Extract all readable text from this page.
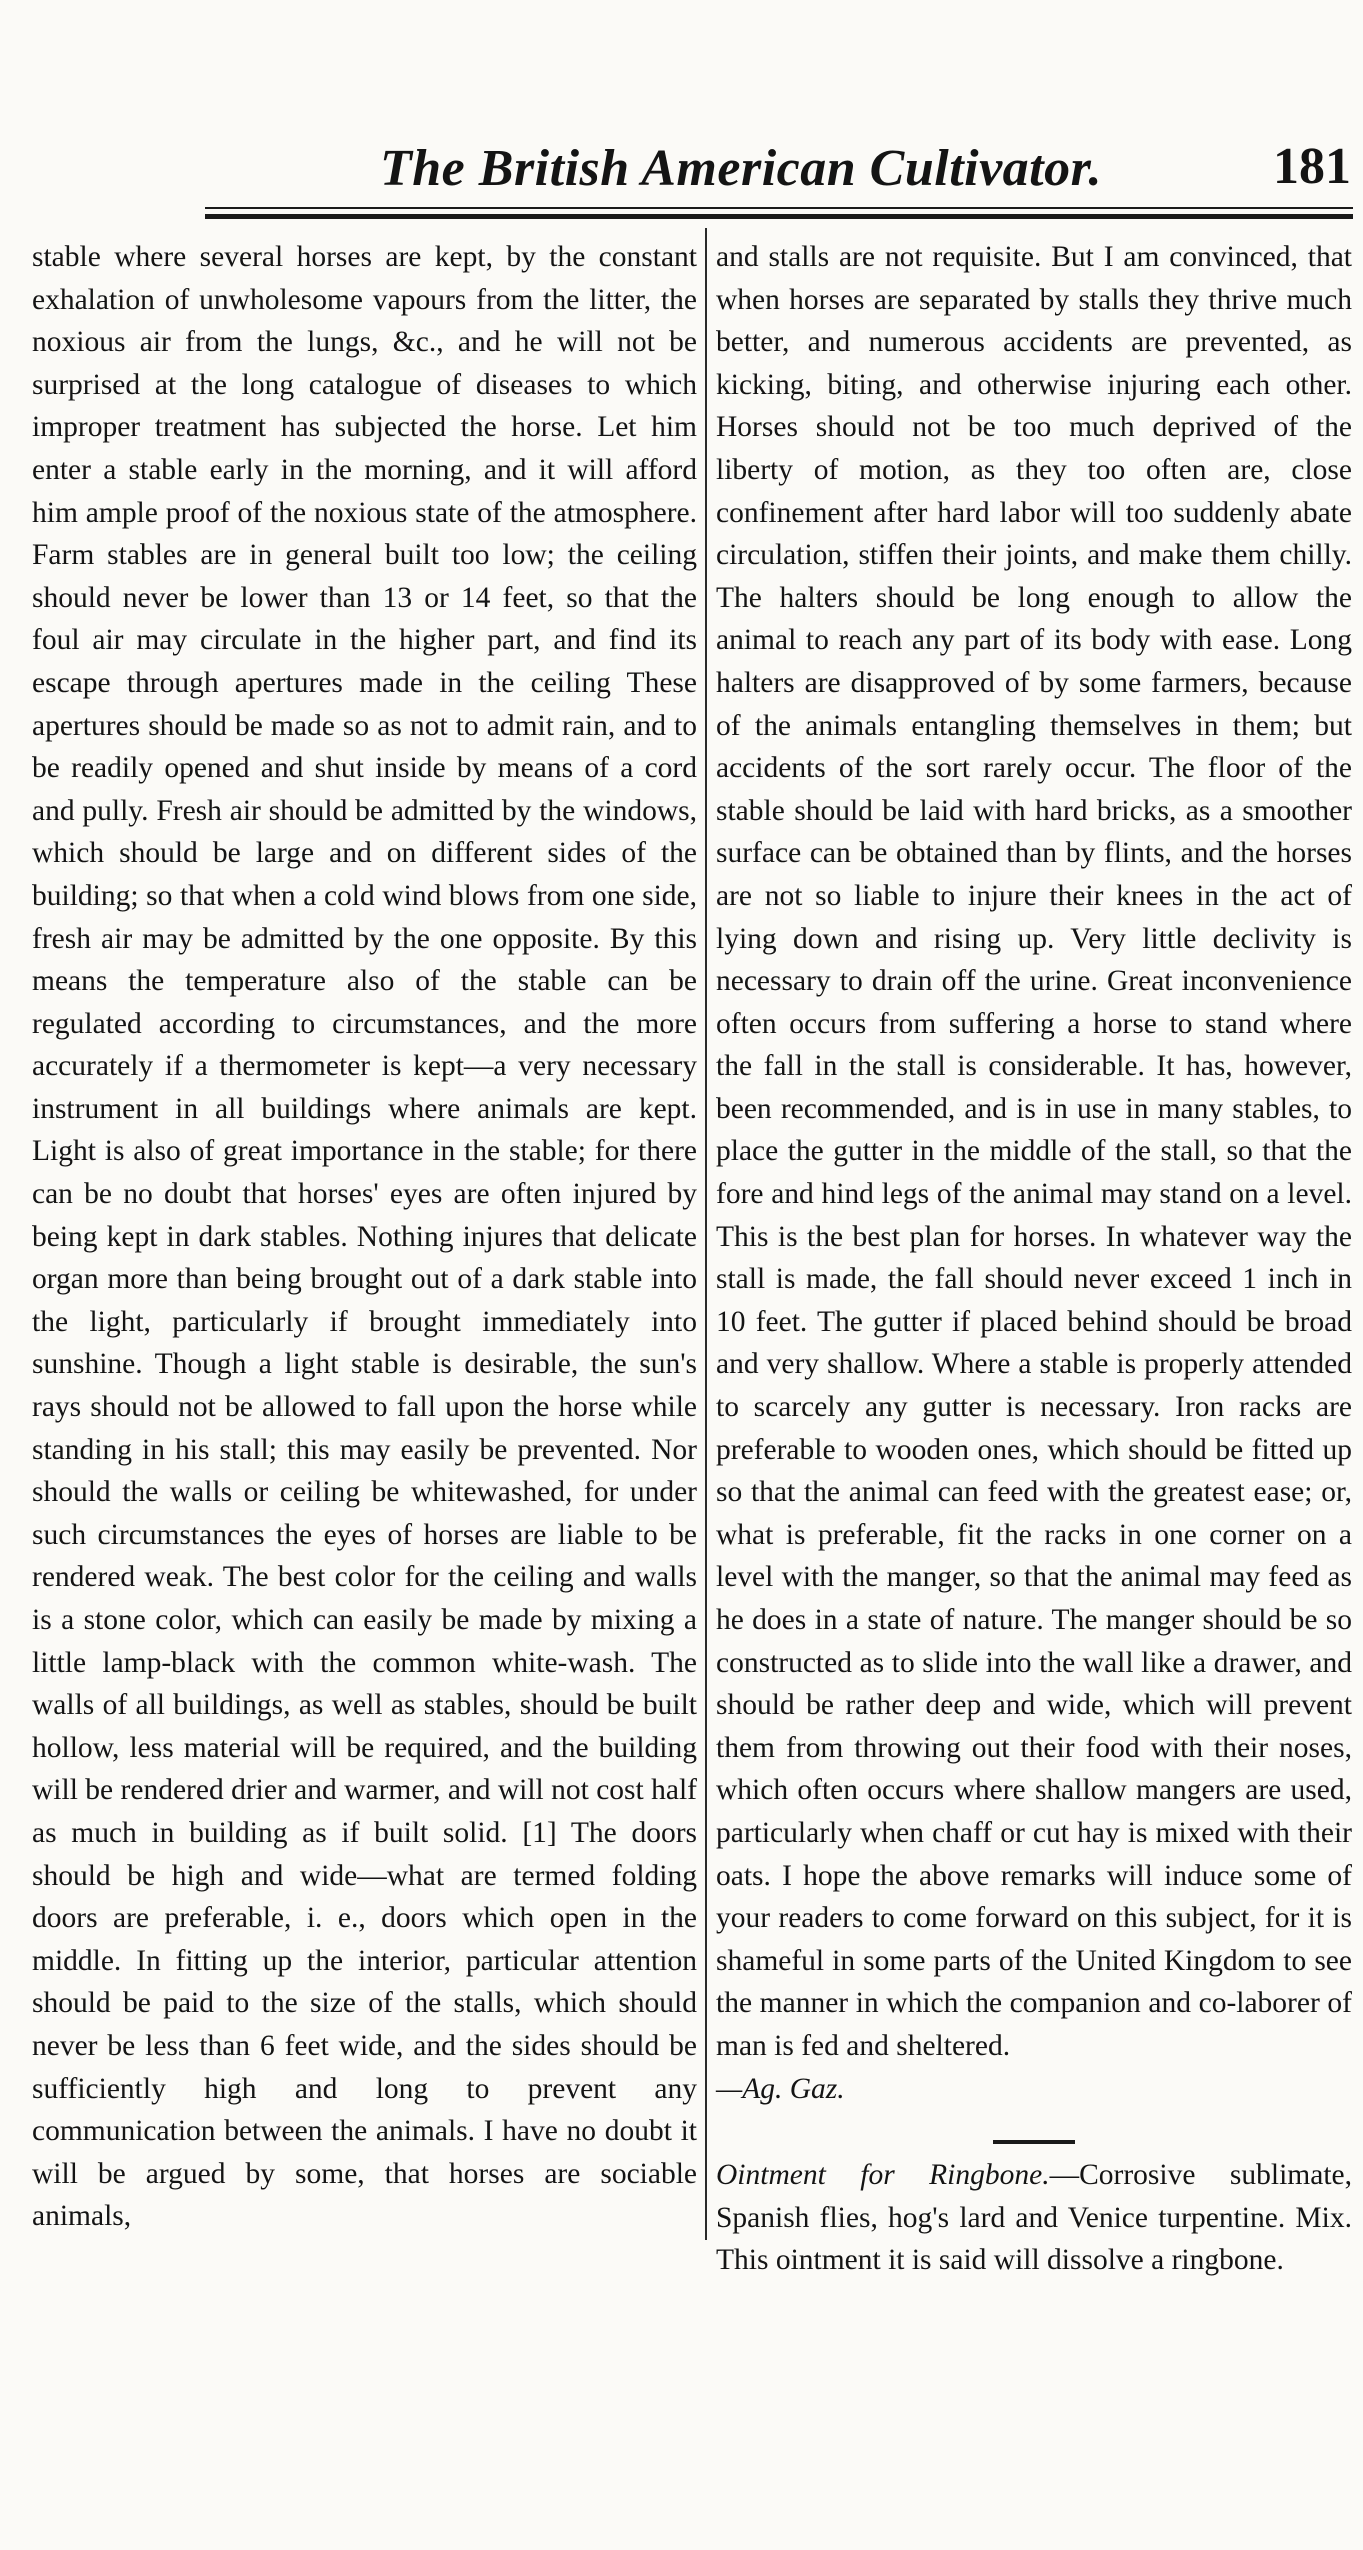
The British American Cultivator.	181

stable where several horses are kept, by the constant exhalation of unwholesome vapours from the litter, the noxious air from the lungs, &c., and he will not be surprised at the long catalogue of diseases to which improper treatment has subjected the horse. Let him enter a stable early in the morning, and it will afford him ample proof of the noxious state of the atmosphere. Farm stables are in general built too low; the ceiling should never be lower than 13 or 14 feet, so that the foul air may circulate in the higher part, and find its escape through apertures made in the ceiling These apertures should be made so as not to admit rain, and to be readily opened and shut inside by means of a cord and pully. Fresh air should be admitted by the windows, which should be large and on different sides of the building; so that when a cold wind blows from one side, fresh air may be admitted by the one opposite. By this means the temperature also of the stable can be regulated according to circumstances, and the more accurately if a thermometer is kept—a very necessary instrument in all buildings where animals are kept. Light is also of great importance in the stable; for there can be no doubt that horses' eyes are often injured by being kept in dark stables. Nothing injures that delicate organ more than being brought out of a dark stable into the light, particularly if brought immediately into sunshine. Though a light stable is desirable, the sun's rays should not be allowed to fall upon the horse while standing in his stall; this may easily be prevented. Nor should the walls or ceiling be whitewashed, for under such circumstances the eyes of horses are liable to be rendered weak. The best color for the ceiling and walls is a stone color, which can easily be made by mixing a little lamp-black with the common white-wash. The walls of all buildings, as well as stables, should be built hollow, less material will be required, and the building will be rendered drier and warmer, and will not cost half as much in building as if built solid. [1] The doors should be high and wide—what are termed folding doors are preferable, i. e., doors which open in the middle. In fitting up the interior, particular attention should be paid to the size of the stalls, which should never be less than 6 feet wide, and the sides should be sufficiently high and long to prevent any communication between the animals. I have no doubt it will be argued by some, that horses are sociable animals,

and stalls are not requisite. But I am convinced, that when horses are separated by stalls they thrive much better, and numerous accidents are prevented, as kicking, biting, and otherwise injuring each other. Horses should not be too much deprived of the liberty of motion, as they too often are, close confinement after hard labor will too suddenly abate circulation, stiffen their joints, and make them chilly. The halters should be long enough to allow the animal to reach any part of its body with ease. Long halters are disapproved of by some farmers, because of the animals entangling themselves in them; but accidents of the sort rarely occur. The floor of the stable should be laid with hard bricks, as a smoother surface can be obtained than by flints, and the horses are not so liable to injure their knees in the act of lying down and rising up. Very little declivity is necessary to drain off the urine. Great inconvenience often occurs from suffering a horse to stand where the fall in the stall is considerable. It has, however, been recommended, and is in use in many stables, to place the gutter in the middle of the stall, so that the fore and hind legs of the animal may stand on a level. This is the best plan for horses. In whatever way the stall is made, the fall should never exceed 1 inch in 10 feet. The gutter if placed behind should be broad and very shallow. Where a stable is properly attended to scarcely any gutter is necessary. Iron racks are preferable to wooden ones, which should be fitted up so that the animal can feed with the greatest ease; or, what is preferable, fit the racks in one corner on a level with the manger, so that the animal may feed as he does in a state of nature. The manger should be so constructed as to slide into the wall like a drawer, and should be rather deep and wide, which will prevent them from throwing out their food with their noses, which often occurs where shallow mangers are used, particularly when chaff or cut hay is mixed with their oats. I hope the above remarks will induce some of your readers to come forward on this subject, for it is shameful in some parts of the United Kingdom to see the manner in which the companion and co-laborer of man is fed and sheltered.

—Ag. Gaz.

Ointment for Ringbone.—Corrosive sublimate, Spanish flies, hog's lard and Venice turpentine. Mix. This ointment it is said will dissolve a ringbone.
